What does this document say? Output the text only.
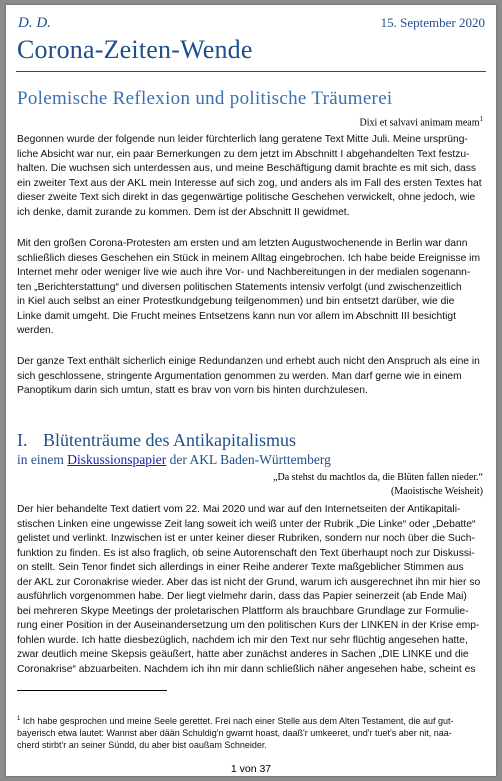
D. D.	15. September 2020
Corona-Zeiten-Wende
Polemische Reflexion und politische Träumerei
Dixi et salvavi animam meam$^1$
Begonnen wurde der folgende nun leider fürchterlich lang geratene Text Mitte Juli. Meine ursprüng-
liche Absicht war nur, ein paar Bemerkungen zu dem jetzt im Abschnitt I abgehandelten Text festzu-
halten. Die wuchsen sich unterdessen aus, und meine Beschäftigung damit brachte es mit sich, dass
ein zweiter Text aus der AKL mein Interesse auf sich zog, und anders als im Fall des ersten Textes hat
dieser zweite Text sich direkt in das gegenwärtige politische Geschehen verwickelt, ohne jedoch, wie
ich denke, damit zurande zu kommen. Dem ist der Abschnitt II gewidmet.
Mit den großen Corona-Protesten am ersten und am letzten Augustwochenende in Berlin war dann
schließlich dieses Geschehen ein Stück in meinem Alltag eingebrochen. Ich habe beide Ereignisse im
Internet mehr oder weniger live wie auch ihre Vor- und Nachbereitungen in der medialen sogenann-
ten „Berichterstattung“ und diversen politischen Statements intensiv verfolgt (und zwischenzeitlich
in Kiel auch selbst an einer Protestkundgebung teilgenommen) und bin entsetzt darüber, wie die
Linke damit umgeht. Die Frucht meines Entsetzens kann nun vor allem im Abschnitt III besichtigt
werden.
Der ganze Text enthält sicherlich einige Redundanzen und erhebt auch nicht den Anspruch als eine in
sich geschlossene, stringente Argumentation genommen zu werden. Man darf gerne wie in einem
Panoptikum darin sich umtun, statt es brav von vorn bis hinten durchzulesen.
I. Blütenträume des Antikapitalismus
in einem Diskussionspapier der AKL Baden-Württemberg
„Da stehst du machtlos da, die Blüten fallen nieder.“
(Maoistische Weisheit)
Der hier behandelte Text datiert vom 22. Mai 2020 und war auf den Internetseiten der Antikapitali-
stischen Linken eine ungewisse Zeit lang soweit ich weiß unter der Rubrik „Die Linke“ oder „Debatte“
gelistet und verlinkt. Inzwischen ist er unter keiner dieser Rubriken, sondern nur noch über die Such-
funktion zu finden. Es ist also fraglich, ob seine Autorenschaft den Text überhaupt noch zur Diskussi-
on stellt. Sein Tenor findet sich allerdings in einer Reihe anderer Texte maßgeblicher Stimmen aus
der AKL zur Coronakrise wieder. Aber das ist nicht der Grund, warum ich ausgerechnet ihn mir hier so
ausführlich vorgenommen habe. Der liegt vielmehr darin, dass das Papier seinerzeit (ab Ende Mai)
bei mehreren Skype Meetings der proletarischen Plattform als brauchbare Grundlage zur Formulie-
rung einer Position in der Auseinandersetzung um den politischen Kurs der LINKEN in der Krise emp-
fohlen wurde. Ich hatte diesbezüglich, nachdem ich mir den Text nur sehr flüchtig angesehen hatte,
zwar deutlich meine Skepsis geäußert, hatte aber zunächst anderes in Sachen „DIE LINKE und die
Coronakrise“ abzuarbeiten. Nachdem ich ihn mir dann schließlich näher angesehen habe, scheint es
$^1$ Ich habe gesprochen und meine Seele gerettet. Frei nach einer Stelle aus dem Alten Testament, die auf gut-
bayerisch etwa lautet: Wannst aber dään Schuldig'n gwarnt hoast, daaß'r umkeeret, und'r tuet's aber nit, naa-
cherd stirbt'r an seiner Sündd, du aber bist oaußam Schneider.
1 von 37
